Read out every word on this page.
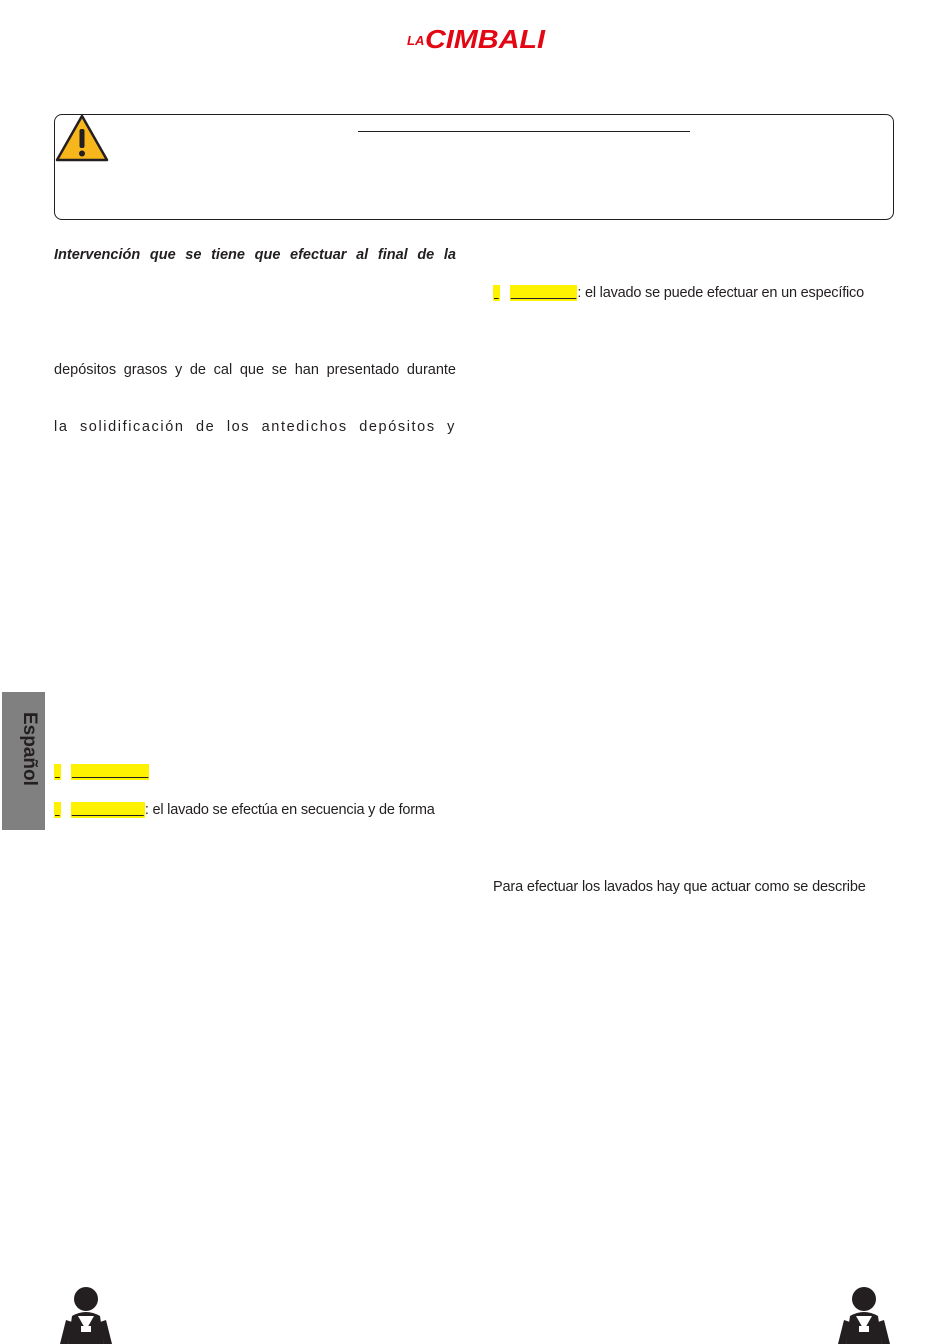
LA CIMBALI
Intervención que se tiene que efectuar al final de la
depósitos grasos y de cal que se han presentado durante
la solidificación de los antedichos depósitos y
- simultáneo
- secuencial: el lavado se efectúa en secuencia y de forma
- individual: el lavado se puede efectuar en un específico
Para efectuar los lavados hay que actuar como se describe
Español
